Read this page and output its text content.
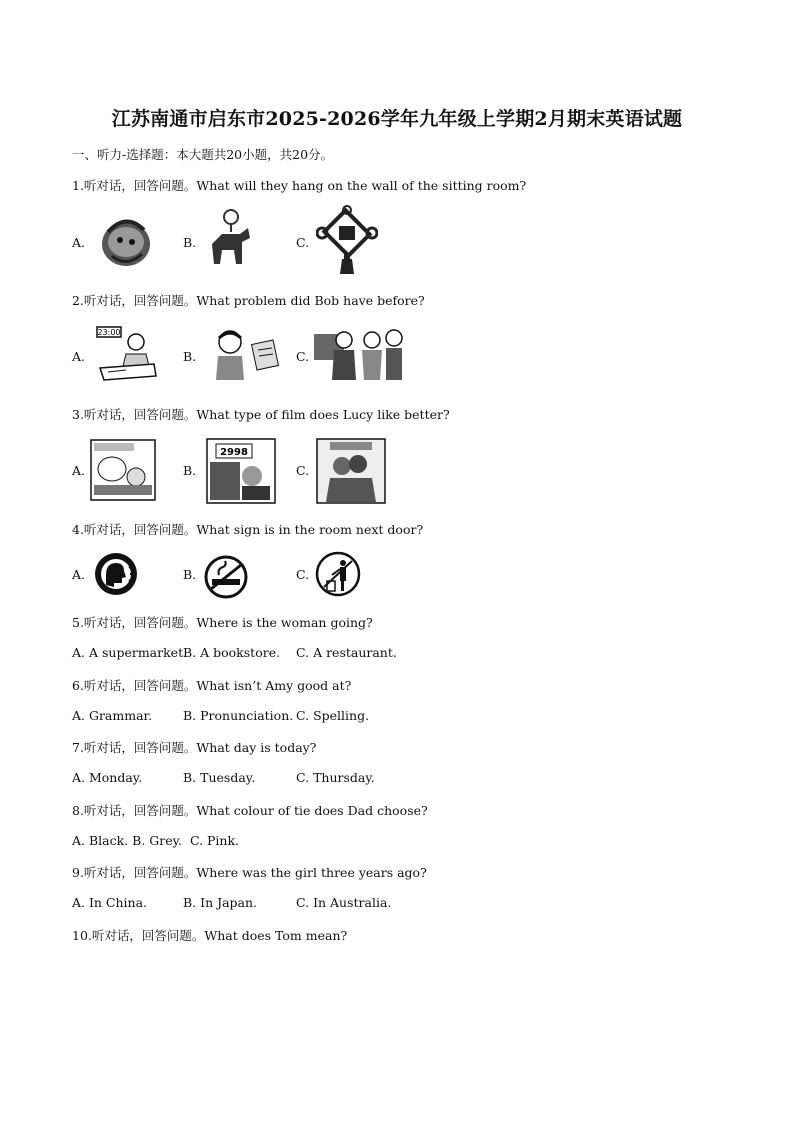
江苏南通市启东市2025-2026学年九年级上学期2月期末英语试题
一、听力-选择题：本大题共20小题，共20分。
1.听对话，回答问题。What will they hang on the wall of the sitting room?
A.	B.	C.
2.听对话，回答问题。What problem did Bob have before?
A.
23:00
B.	C.
3.听对话，回答问题。What type of film does Lucy like better?
A.	B.
2998
C.
4.听对话，回答问题。What sign is in the room next door?
A.	B.	C.
5.听对话，回答问题。Where is the woman going?
A. A supermarket.
B. A bookstore. C. A restaurant.
6.听对话，回答问题。What isn’t Amy good at?
A. Grammar. B. Pronunciation. C. Spelling.
7.听对话，回答问题。What day is today?
A. Monday.	B. Tuesday.	C. Thursday.
8.听对话，回答问题。What colour of tie does Dad choose?
A. Black. B. Grey.  C. Pink.
9.听对话，回答问题。Where was the girl three years ago?
A. In China.	B. In Japan.	C. In Australia.
10.听对话，回答问题。What does Tom mean?
